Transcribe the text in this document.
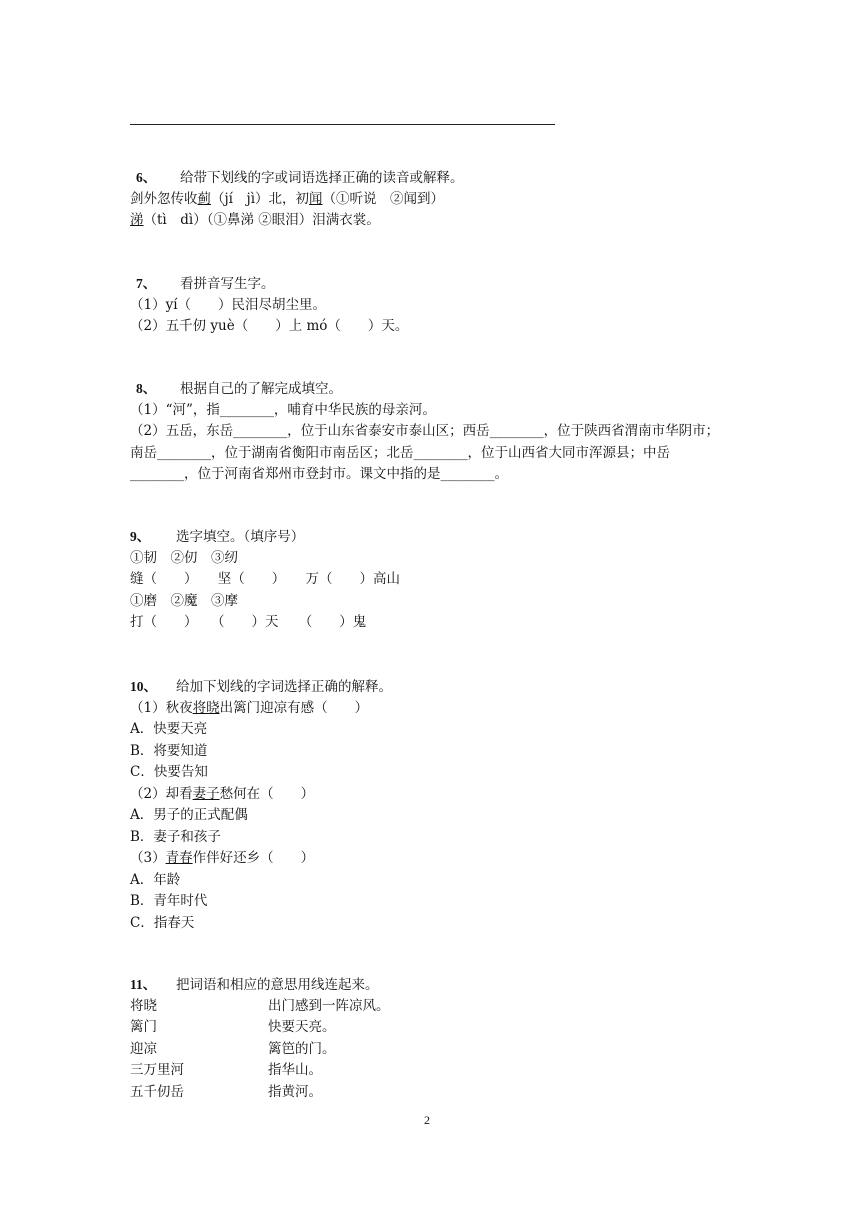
6、 给带下划线的字或词语选择正确的读音或解释。
剑外忽传收蓟（jí　jì）北，初闻（①听说　②闻到）
涕（tì　dì）（①鼻涕 ②眼泪）泪满衣裳。
7、 看拼音写生字。
（1）yí（　　）民泪尽胡尘里。
（2）五千仞 yuè（　　）上 mó（　　）天。
8、 根据自己的了解完成填空。
（1）“河”，指________，哺育中华民族的母亲河。
（2）五岳，东岳________，位于山东省泰安市泰山区；西岳________，位于陕西省渭南市华阴市；南岳________，位于湖南省衡阳市南岳区；北岳________，位于山西省大同市浑源县；中岳________，位于河南省郑州市登封市。课文中指的是________。
9、 选字填空。（填序号）
①韧　②仞　③纫
缝（　　）　　坚（　　）　　万（　　）高山
①磨　②魔　③摩
打（　　）　　（　　）天　　（　　）鬼
10、 给加下划线的字词选择正确的解释。
（1）秋夜将晓出篱门迎凉有感（　　）
A．快要天亮
B．将要知道
C．快要告知
（2）却看妻子愁何在（　　）
A．男子的正式配偶
B．妻子和孩子
（3）青春作伴好还乡（　　）
A．年龄
B．青年时代
C．指春天
11、 把词语和相应的意思用线连起来。
将晓	出门感到一阵凉风。
篱门	快要天亮。
迎凉	篱笆的门。
三万里河	指华山。
五千仞岳	指黄河。
2
